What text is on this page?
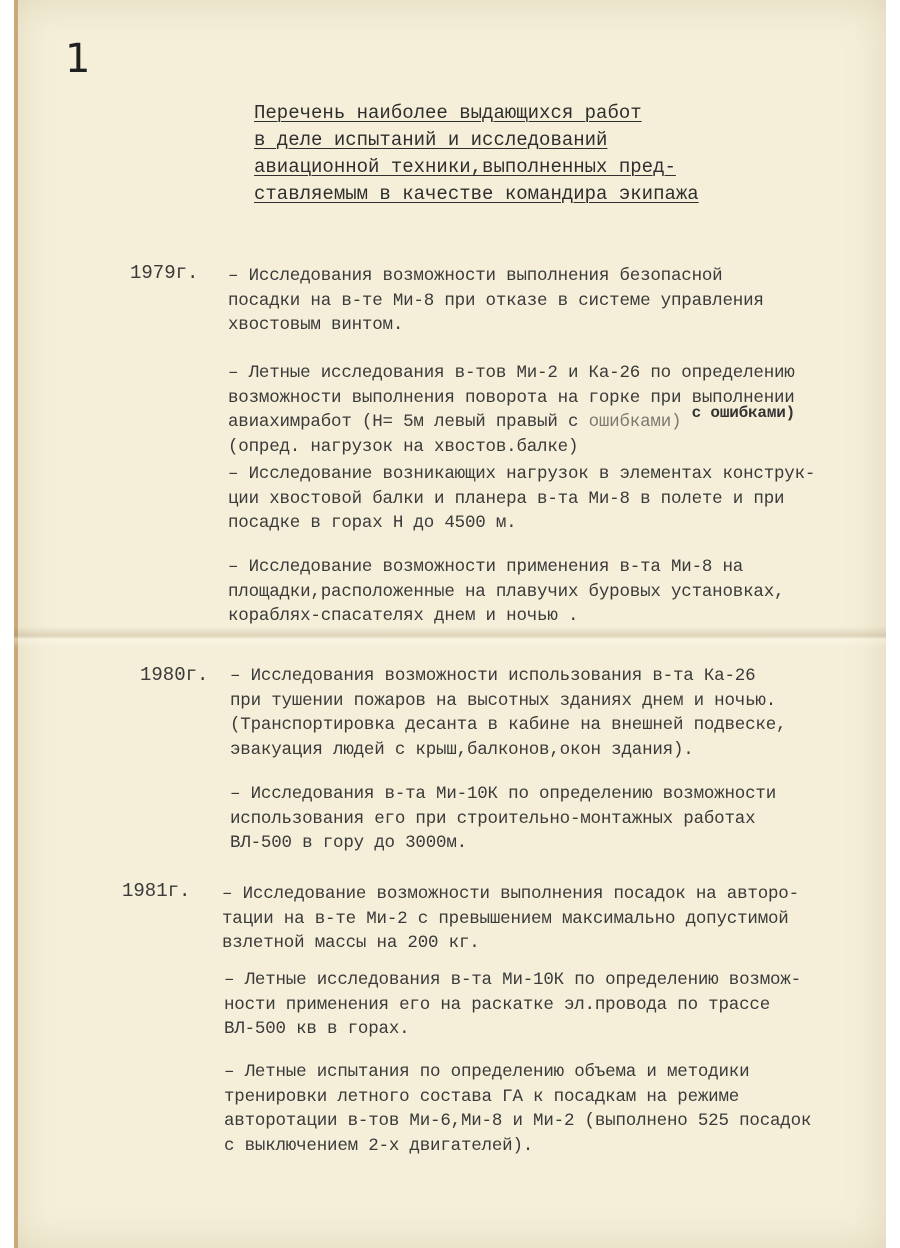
1
Перечень наиболее выдающихся работ
в деле испытаний и исследований
авиационной техники,выполненных пред-
ставляемым в качестве командира экипажа
1979г. – Исследования возможности выполнения безопасной
посадки на в-те Ми-8 при отказе в системе управления
хвостовым винтом.
– Летные исследования в-тов Ми-2 и Ка-26 по определению
возможности выполнения поворота на горке при выполнении
авиахимработ (Н= 5м левый правый с ошибками) с ошибками)
(опред. нагрузок на хвостов.балке)
– Исследование возникающих нагрузок в элементах конструк-
ции хвостовой балки и планера в-та Ми-8 в полете и при
посадке в горах Н до 4500 м.
– Исследование возможности применения в-та Ми-8 на
площадки,расположенные на плавучих буровых установках,
кораблях-спасателях днем и ночью .
1980г. – Исследования возможности использования в-та Ка-26
при тушении пожаров на высотных зданиях днем и ночью.
(Транспортировка десанта в кабине на внешней подвеске,
эвакуация людей с крыш,балконов,окон здания).
– Исследования в-та Ми-10К по определению возможности
использования его при строительно-монтажных работах
ВЛ-500 в гору до 3000м.
1981г. – Исследование возможности выполнения посадок на авторо-
тации на в-те Ми-2 с превышением максимально допустимой
взлетной массы на 200 кг.
– Летные исследования в-та Ми-10К по определению возмож-
ности применения его на раскатке эл.провода по трассе
ВЛ-500 кв в горах.
– Летные испытания по определению объема и методики
тренировки летного состава ГА к посадкам на режиме
авторотации в-тов Ми-6,Ми-8 и Ми-2 (выполнено 525 посадок
с выключением 2-х двигателей).
